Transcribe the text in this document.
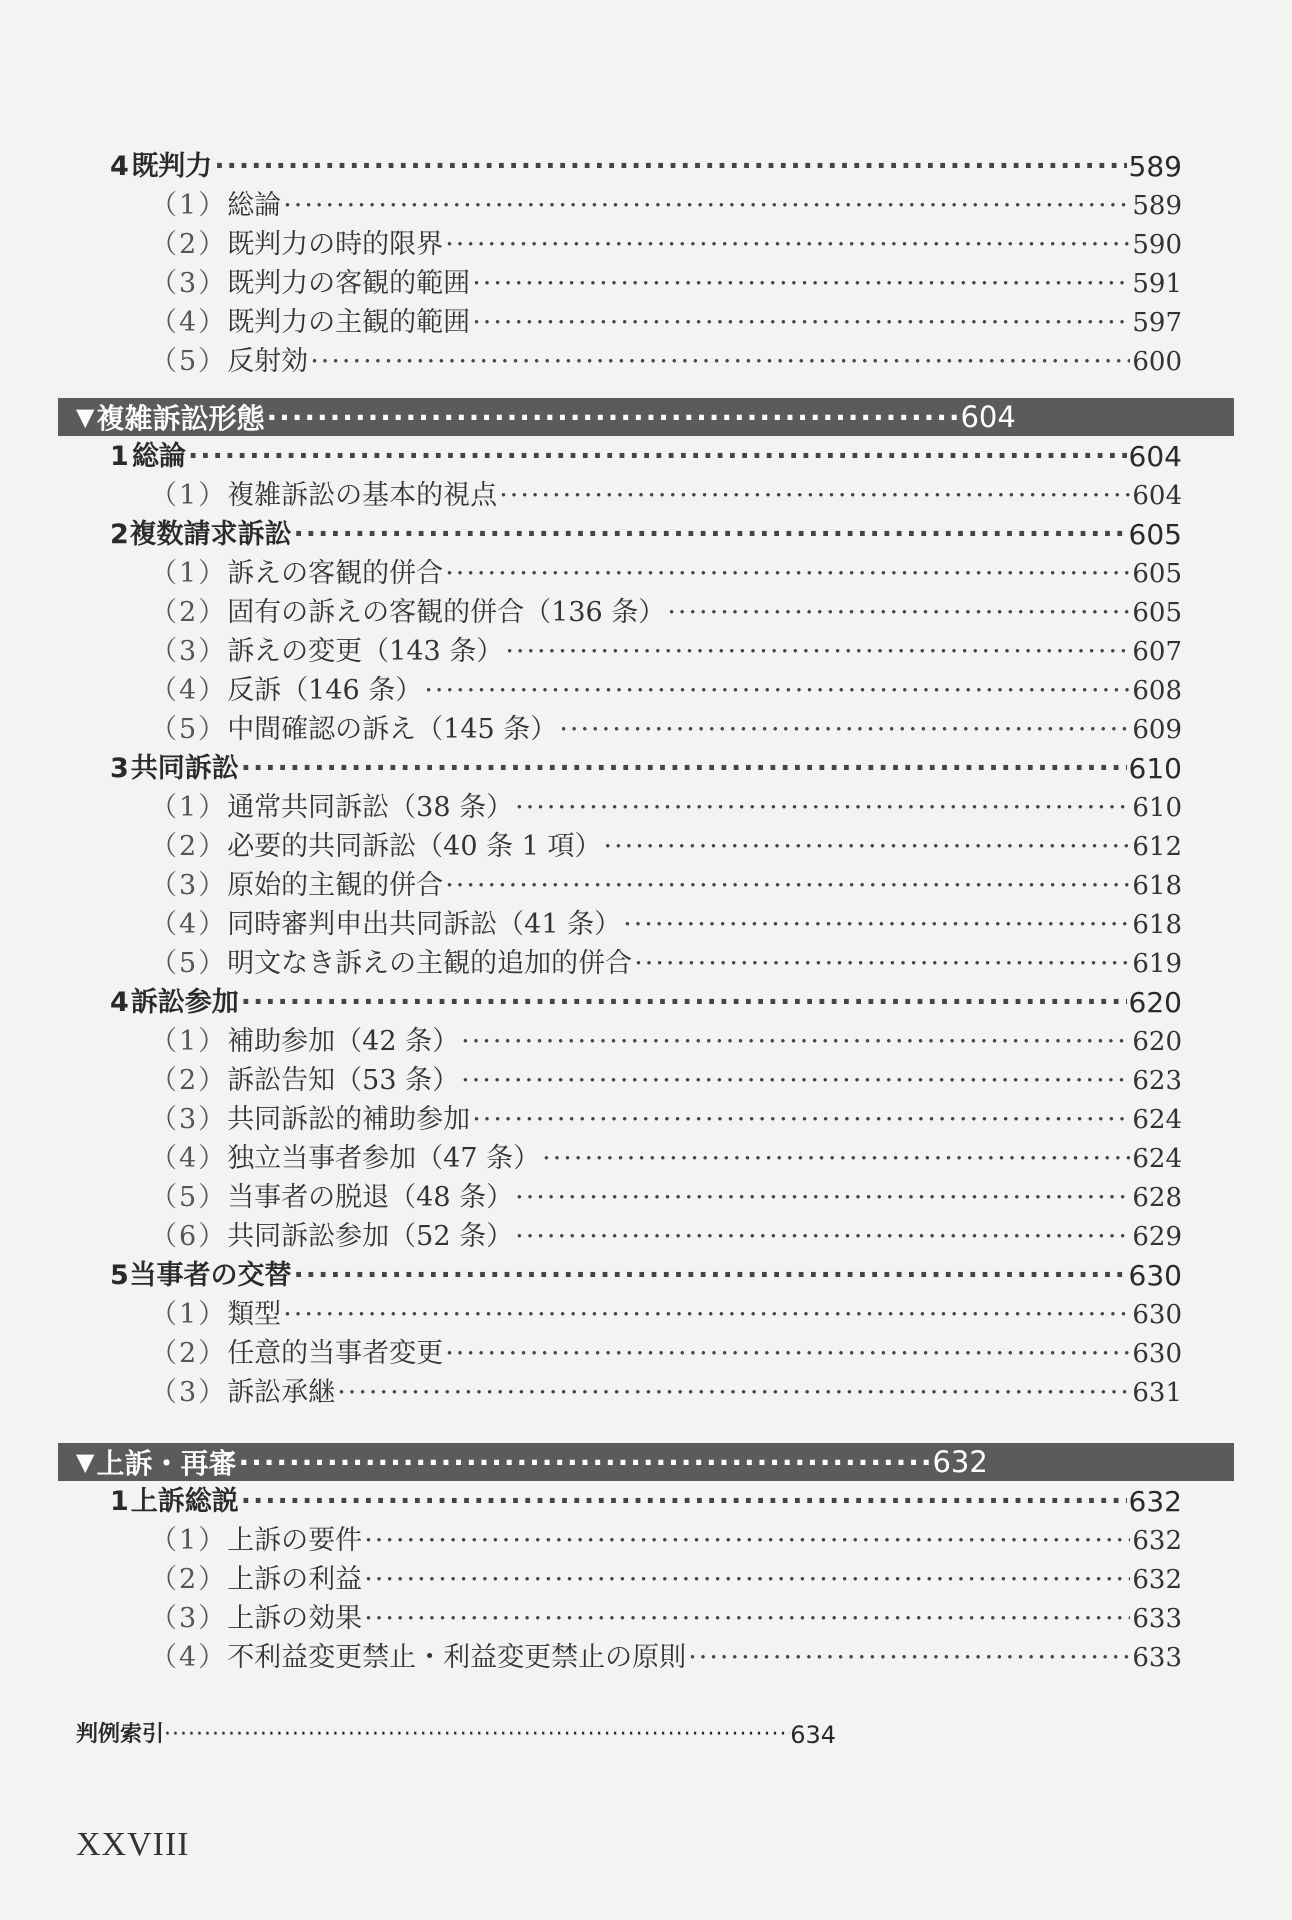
4 既判力 ·····	589
（1） 総論 ·····	589
（2） 既判力の時的限界 ·····	590
（3） 既判力の客観的範囲 ·····	591
（4） 既判力の主観的範囲 ·····	597
（5） 反射効 ·····	600
▼ 複雑訴訟形態 ·····	604
1 総論 ·····	604
（1） 複雑訴訟の基本的視点 ·····	604
2 複数請求訴訟 ·····	605
（1） 訴えの客観的併合 ·····	605
（2） 固有の訴えの客観的併合（136 条） ·····	605
（3） 訴えの変更（143 条） ·····	607
（4） 反訴（146 条） ·····	608
（5） 中間確認の訴え（145 条） ·····	609
3 共同訴訟 ·····	610
（1） 通常共同訴訟（38 条） ·····	610
（2） 必要的共同訴訟（40 条 1 項） ·····	612
（3） 原始的主観的併合 ·····	618
（4） 同時審判申出共同訴訟（41 条） ·····	618
（5） 明文なき訴えの主観的追加的併合 ·····	619
4 訴訟参加 ·····	620
（1） 補助参加（42 条） ·····	620
（2） 訴訟告知（53 条） ·····	623
（3） 共同訴訟的補助参加 ·····	624
（4） 独立当事者参加（47 条） ·····	624
（5） 当事者の脱退（48 条） ·····	628
（6） 共同訴訟参加（52 条） ·····	629
5 当事者の交替 ·····	630
（1） 類型 ·····	630
（2） 任意的当事者変更 ·····	630
（3） 訴訟承継 ·····	631
▼ 上訴・再審 ·····	632
1 上訴総説 ·····	632
（1） 上訴の要件 ·····	632
（2） 上訴の利益 ·····	632
（3） 上訴の効果 ·····	633
（4） 不利益変更禁止・利益変更禁止の原則 ·····	633
判例索引 ·····	634
XXVIII
